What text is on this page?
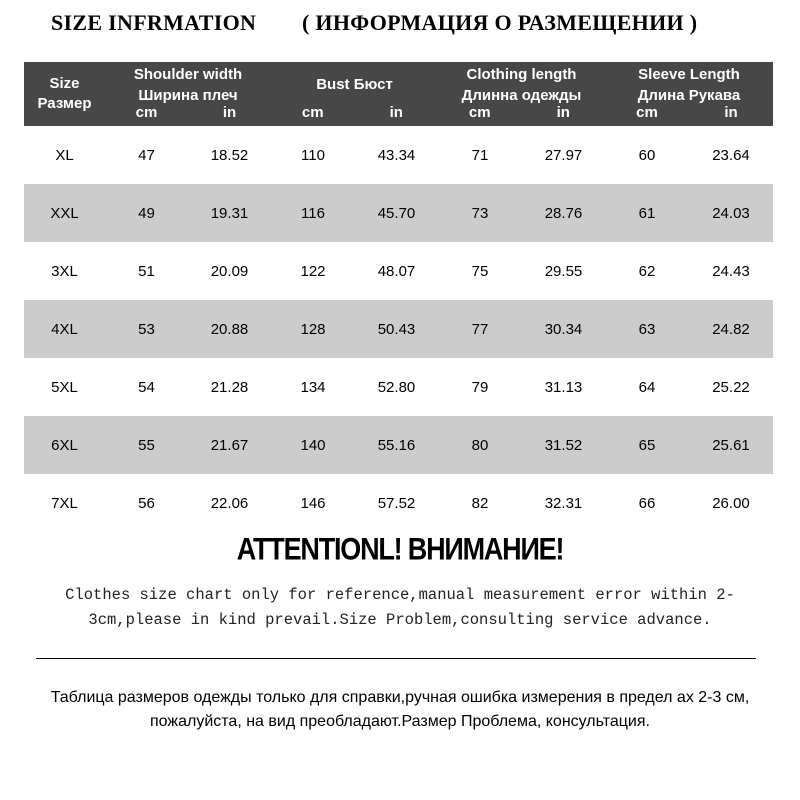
SIZE INFRMATION ( ИНФОРМАЦИЯ О РАЗМЕЩЕНИИ )
Size
Размер

Shoulder width
Ширина плеч
cm	in

Bust Бюст
cm	in

Clothing length
Длинна одежды
cm	in

Sleeve Length
Длина Рукава
cm	in
XL	47	18.52	110	43.34	71	27.97	60	23.64
XXL	49	19.31	116	45.70	73	28.76	61	24.03
3XL	51	20.09	122	48.07	75	29.55	62	24.43
4XL	53	20.88	128	50.43	77	30.34	63	24.82
5XL	54	21.28	134	52.80	79	31.13	64	25.22
6XL	55	21.67	140	55.16	80	31.52	65	25.61
7XL	56	22.06	146	57.52	82	32.31	66	26.00
ATTENTIONL! ВНИМАНИЕ!
Clothes size chart only for reference,manual measurement error within 2-3cm,please in kind prevail.Size Problem,consulting service advance.
Таблица размеров одежды только для справки,ручная ошибка измерения в предел ах 2-3 см, пожалуйста, на вид преобладают.Размер Проблема, консультация.
